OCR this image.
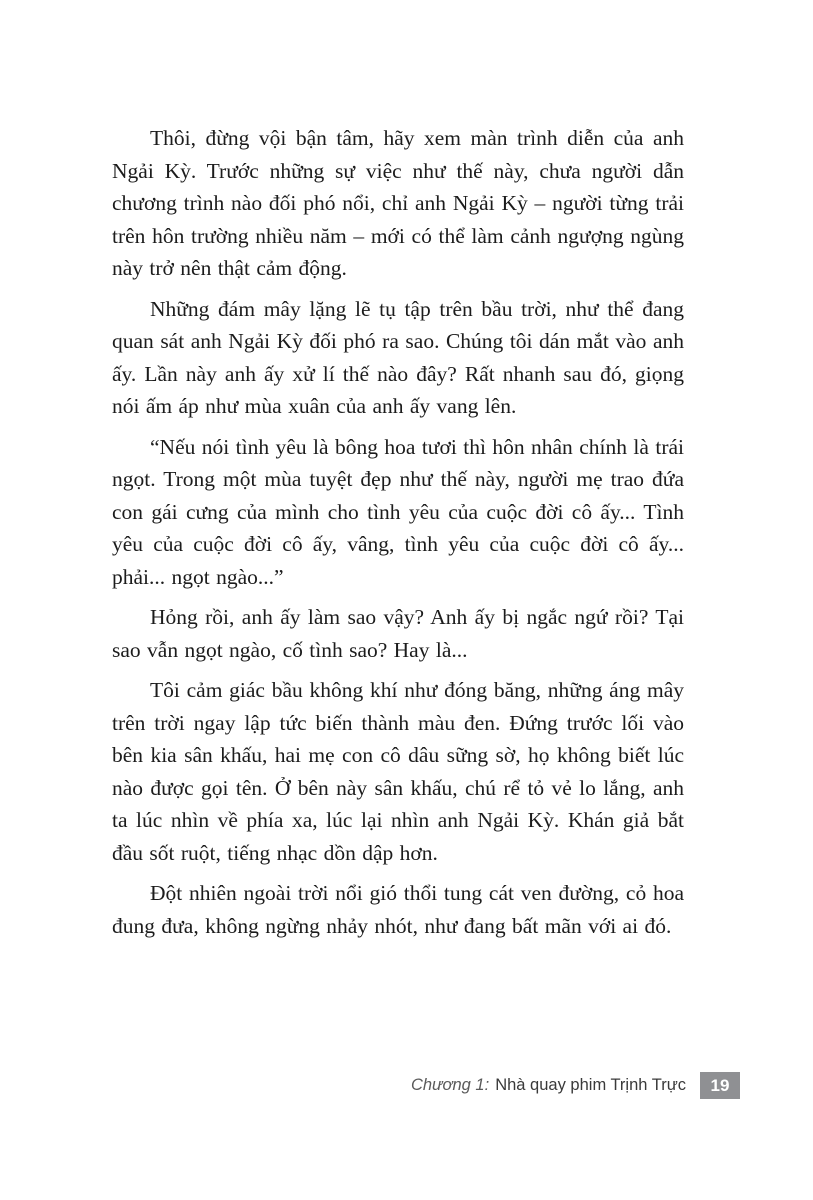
Thôi, đừng vội bận tâm, hãy xem màn trình diễn của anh Ngải Kỳ. Trước những sự việc như thế này, chưa người dẫn chương trình nào đối phó nổi, chỉ anh Ngải Kỳ – người từng trải trên hôn trường nhiều năm – mới có thể làm cảnh ngượng ngùng này trở nên thật cảm động.

Những đám mây lặng lẽ tụ tập trên bầu trời, như thể đang quan sát anh Ngải Kỳ đối phó ra sao. Chúng tôi dán mắt vào anh ấy. Lần này anh ấy xử lí thế nào đây? Rất nhanh sau đó, giọng nói ấm áp như mùa xuân của anh ấy vang lên.

“Nếu nói tình yêu là bông hoa tươi thì hôn nhân chính là trái ngọt. Trong một mùa tuyệt đẹp như thế này, người mẹ trao đứa con gái cưng của mình cho tình yêu của cuộc đời cô ấy... Tình yêu của cuộc đời cô ấy, vâng, tình yêu của cuộc đời cô ấy... phải... ngọt ngào...”

Hỏng rồi, anh ấy làm sao vậy? Anh ấy bị ngắc ngứ rồi? Tại sao vẫn ngọt ngào, cố tình sao? Hay là...

Tôi cảm giác bầu không khí như đóng băng, những áng mây trên trời ngay lập tức biến thành màu đen. Đứng trước lối vào bên kia sân khấu, hai mẹ con cô dâu sững sờ, họ không biết lúc nào được gọi tên. Ở bên này sân khấu, chú rể tỏ vẻ lo lắng, anh ta lúc nhìn về phía xa, lúc lại nhìn anh Ngải Kỳ. Khán giả bắt đầu sốt ruột, tiếng nhạc dồn dập hơn.

Đột nhiên ngoài trời nổi gió thổi tung cát ven đường, cỏ hoa đung đưa, không ngừng nhảy nhót, như đang bất mãn với ai đó.

Chương 1: Nhà quay phim Trịnh Trực	19
